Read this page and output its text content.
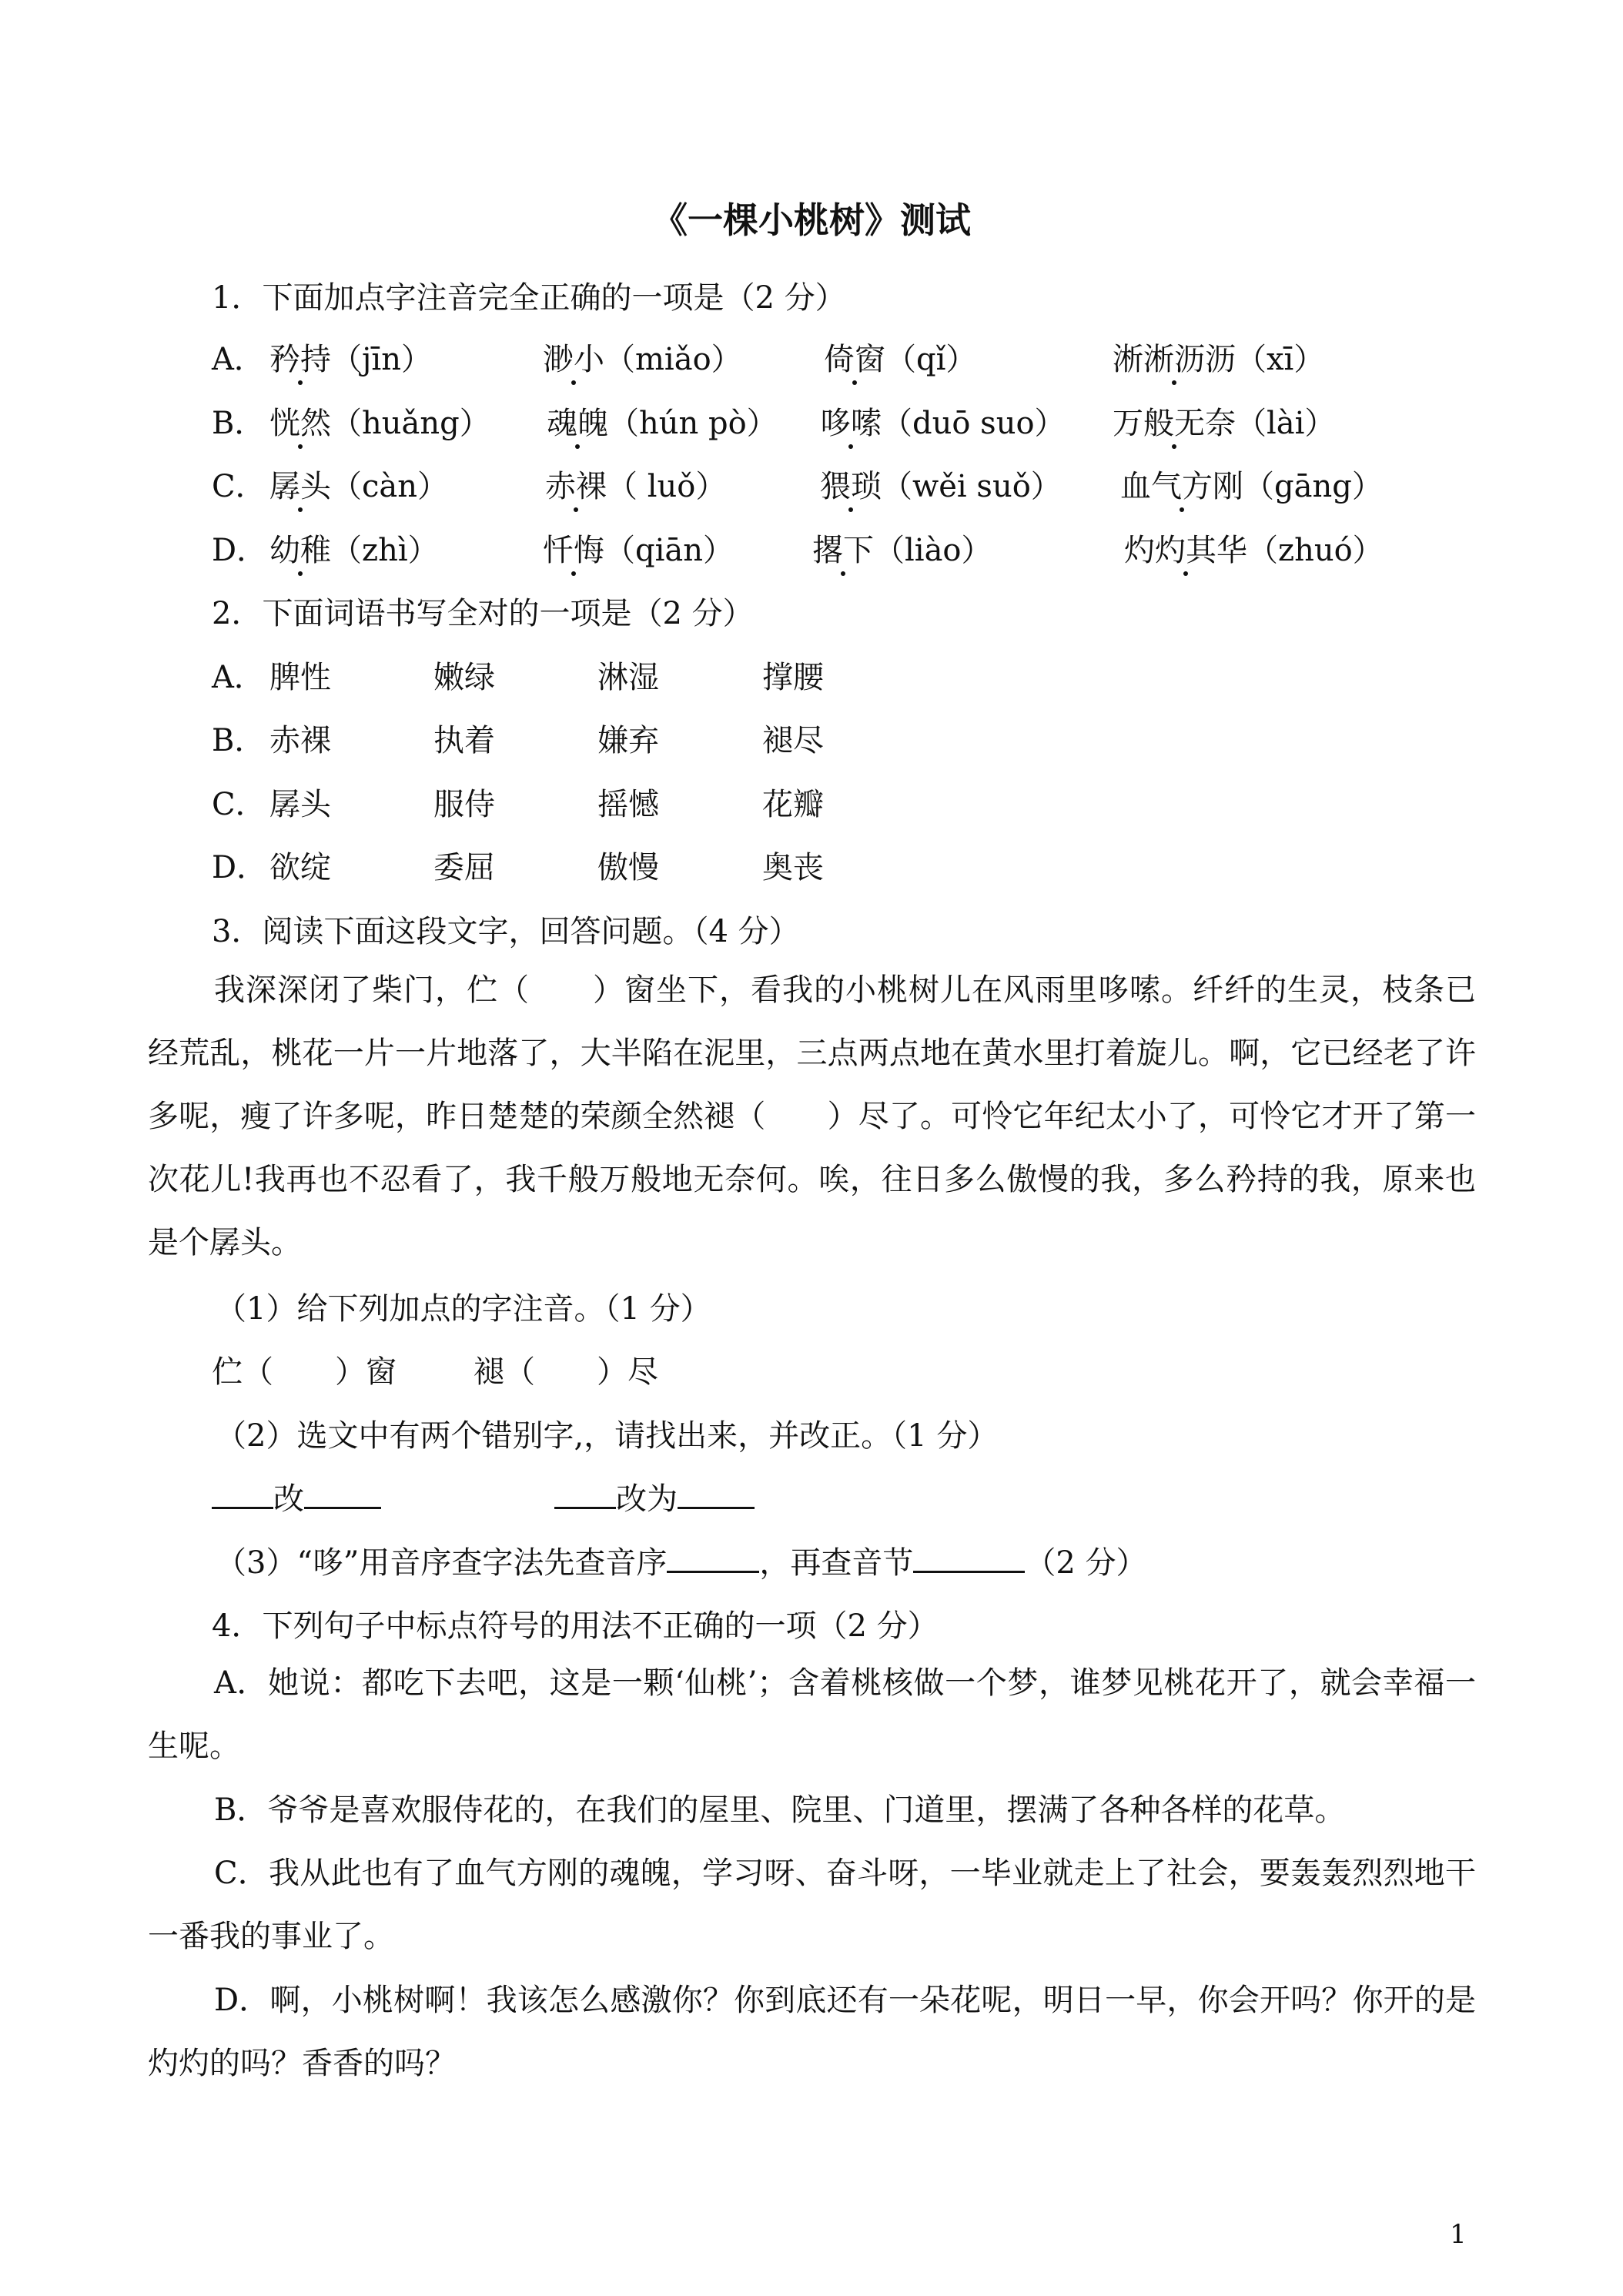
《一棵小桃树》测试
1．下面加点字注音完全正确的一项是（2 分）
A． 矜持（jīn）	渺小（miǎo）	倚窗（qǐ）	淅淅沥沥（xī）
B． 恍然（huǎng） 魂魄（hún pò） 哆嗦（duō suo） 万般无奈（lài）
C． 孱头（càn）	赤裸（ luǒ）	猥琐（wěi suǒ） 血气方刚（gāng）
D． 幼稚（zhì）	忏悔（qiān）	撂下（liào）	灼灼其华（zhuó）
2．下面词语书写全对的一项是（2 分）
A． 脾性	嫩绿	淋湿	撑腰
B． 赤裸	执着	嫌弃	褪尽
C． 孱头	服侍	摇憾	花瓣
D． 欲绽	委屈	傲慢	奥丧
3．阅读下面这段文字，回答问题。（4 分）
我深深闭了柴门，伫（　　）窗坐下，看我的小桃树儿在风雨里哆嗦。纤纤的生灵，枝条已经荒乱，桃花一片一片地落了，大半陷在泥里，三点两点地在黄水里打着旋儿。啊，它已经老了许多呢，瘦了许多呢，昨日楚楚的荣颜全然褪（　　）尽了。可怜它年纪太小了，可怜它才开了第一次花儿!我再也不忍看了，我千般万般地无奈何。唉，往日多么傲慢的我，多么矜持的我，原来也是个孱头。
（1）给下列加点的字注音。（1 分）
伫（　　）窗	褪（　　）尽
（2）选文中有两个错别字,，请找出来，并改正。（1 分）
改	改为
（3）“哆”用音序查字法先查音序	，再查音节	（2 分）
4．下列句子中标点符号的用法不正确的一项（2 分）
A．她说：都吃下去吧，这是一颗‘仙桃’；含着桃核做一个梦，谁梦见桃花开了，就会幸福一生呢。
B．爷爷是喜欢服侍花的，在我们的屋里、院里、门道里，摆满了各种各样的花草。
C．我从此也有了血气方刚的魂魄，学习呀、奋斗呀，一毕业就走上了社会，要轰轰烈烈地干一番我的事业了。
D．啊，小桃树啊！我该怎么感激你？你到底还有一朵花呢，明日一早，你会开吗？你开的是灼灼的吗？香香的吗？
1
